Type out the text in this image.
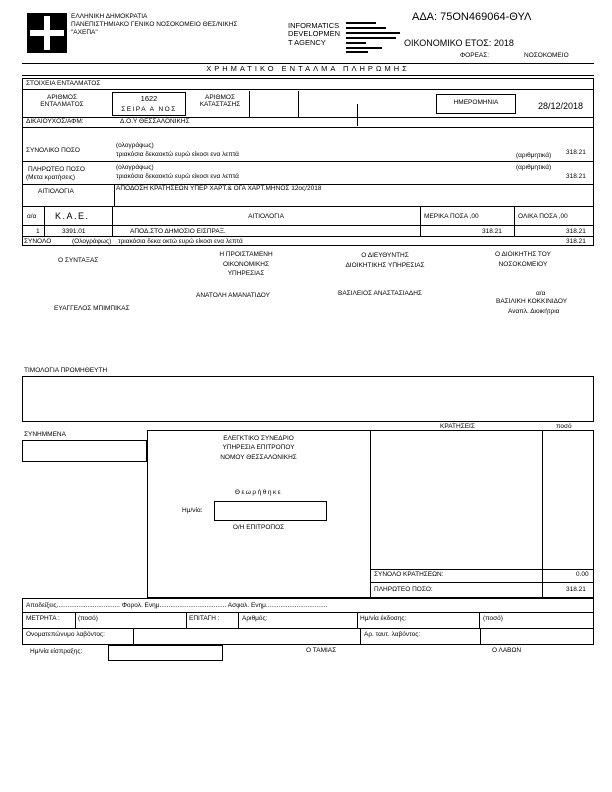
ΕΛΛΗΝΙΚΗ ΔΗΜΟΚΡΑΤΙΑ
ΠΑΝΕΠΙΣΤΗΜΙΑΚΟ ΓΕΝΙΚΟ ΝΟΣΟΚΟΜΕΙΟ ΘΕΣ/ΝΙΚΗΣ
"ΑΧΕΠΑ"
INFORMATICS
DEVELOPMEN
T AGENCY
ΑΔΑ: 75ΟΝ469064-ΘΥΛ
ΟΙΚΟΝΟΜΙΚΟ ΕΤΟΣ: 2018
ΦΟΡΕΑΣ:	ΝΟΣΟΚΟΜΕΙΟ
ΧΡΗΜΑΤΙΚΟ ΕΝΤΑΛΜΑ ΠΛΗΡΩΜΗΣ
ΣΤΟΙΧΕΙΑ ΕΝΤΑΛΜΑΤΟΣ
ΑΡΙΘΜΟΣ ΕΝΤΑΛΜΑΤΟΣ
1622
ΣΕΙΡΑ Α ΝΟΣ
ΑΡΙΘΜΟΣ ΚΑΤΑΣΤΑΣΗΣ	ΗΜΕΡΟΜΗΝΙΑ	28/12/2018
ΔΙΚΑΙΟΥΧΟΣ/ΑΦΜ:	Δ.Ο.Υ ΘΕΣΣΑΛΟΝΙΚΗΣ
ΣΥΝΟΛΙΚΟ ΠΟΣΟ
(ολογράφως)
τριακόσια δεκαοκτώ ευρώ είκοσι ενα λεπτά	(αριθμητικά) 318.21
ΠΛΗΡΩΤΕΟ ΠΟΣΟ
(Μετα κρατήσεις)
(ολογράφως)
τριακόσια δεκαοκτώ ευρώ είκοσι ενα λεπτά
(αριθμητικά)
318.21
ΑΙΤΙΟΛΟΓΙΑ	ΑΠΟΔΟΣΗ ΚΡΑΤΗΣΕΩΝ ΥΠΕΡ ΧΑΡΤ.& ΟΓΑ ΧΑΡΤ.ΜΗΝΟΣ 12ος/2018
α/α Κ.Α.Ε.	ΑΙΤΙΟΛΟΓΙΑ	ΜΕΡΙΚΑ ΠΟΣΑ ,00	ΟΛΙΚΑ ΠΟΣΑ ,00
1	3391.01	ΑΠΟΔ.ΣΤΟ ΔΗΜΟΣΙΟ ΕΙΣΠΡΑΞ.	318.21	318.21
ΣΥΝΟΛΟ	(Ολογράφως) τριακόσια δεκα οκτώ ευρώ είκοσι ενα λεπτά	318.21
Ο ΣΥΝΤΑΞΑΣ
Η ΠΡΟΙΣΤΑΜΕΝΗ
ΟΙΚΟΝΟΜΙΚΗΣ
ΥΠΗΡΕΣΙΑΣ
Ο ΔΙΕΥΘΥΝΤΗΣ
ΔΙΟΙΚΗΤΙΚΗΣ ΥΠΗΡΕΣΙΑΣ
Ο ΔΙΟΙΚΗΤΗΣ ΤΟΥ
ΝΟΣΟΚΟΜΕΙΟΥ
ΑΝΑΤΟΛΗ ΑΜΑΝΑΤΙΔΟΥ	ΒΑΣΙΛΕΙΟΣ ΑΝΑΣΤΑΣΙΑΔΗΣ	α/α
ΒΑΣΙΛΙΚΗ ΚΟΚΚΙΝΙΔΟΥ
Αναπλ. Διοικήτρια
ΕΥΑΓΓΕΛΟΣ ΜΠΙΜΠΙΚΑΣ
ΤΙΜΟΛΟΓΙΑ ΠΡΟΜΗΘΕΥΤΗ
ΣΥΝΗΜΜΕΝΑ
ΚΡΑΤΗΣΕΙΣ	ποσό
ΕΛΕΓΚΤΙΚΟ ΣΥΝΕΔΡΙΟ
ΥΠΗΡΕΣΙΑ ΕΠΙΤΡΟΠΟΥ
ΝΟΜΟΥ ΘΕΣΣΑΛΟΝΙΚΗΣ
Θεωρήθηκε
Ημ/νία:
Ο/Η ΕΠΙΤΡΟΠΟΣ
ΣΥΝΟΛΟ ΚΡΑΤΗΣΕΩΝ:	0.00
ΠΛΗΡΩΤΕΟ ΠΟΣΟ:	318.21
Αποδείξεις................................... Φορολ. Ενημ..................................... Ασφαλ. Ενημ..................................
ΜΕΤΡΗΤΑ :	(ποσό)	ΕΠΙΤΑΓΗ :	Αριθμός:	Ημ/νία έκδοσης:	(ποσό)
Ονοματεπώνυμο λαβόντος:	Αρ. ταυτ. λαβόντος:
Ημ/νία είσπραξης:	Ο ΤΑΜΙΑΣ	Ο ΛΑΒΩΝ
